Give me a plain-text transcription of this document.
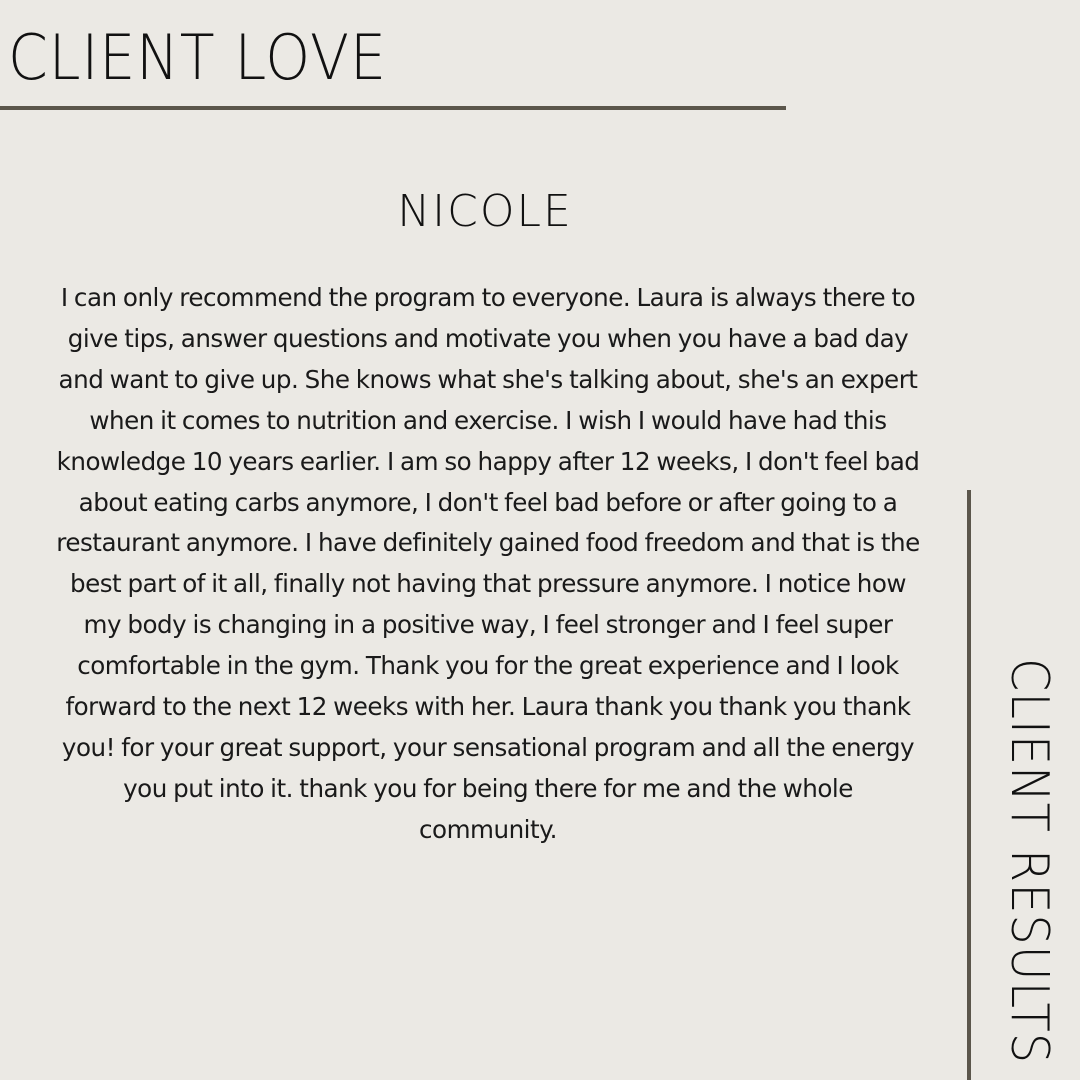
CLIENT LOVE
NICOLE

I can only recommend the program to everyone. Laura is always there to give tips, answer questions and motivate you when you have a bad day and want to give up. She knows what she's talking about, she's an expert when it comes to nutrition and exercise. I wish I would have had this knowledge 10 years earlier. I am so happy after 12 weeks, I don't feel bad about eating carbs anymore, I don't feel bad before or after going to a restaurant anymore. I have definitely gained food freedom and that is the best part of it all, finally not having that pressure anymore. I notice how my body is changing in a positive way, I feel stronger and I feel super comfortable in the gym. Thank you for the great experience and I look forward to the next 12 weeks with her. Laura thank you thank you thank you! for your great support, your sensational program and all the energy you put into it. thank you for being there for me and the whole community.	CLIENT RESULTS
